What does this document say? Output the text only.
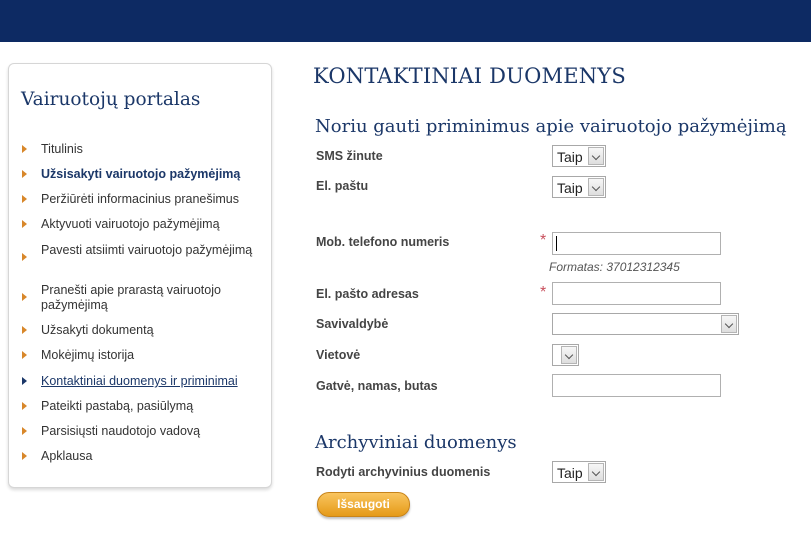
Vairuotojų portalas
Titulinis
Užsisakyti vairuotojo pažymėjimą
Peržiūrėti informacinius pranešimus
Aktyvuoti vairuotojo pažymėjimą
Pavesti atsiimti vairuotojo pažymėjimą
Pranešti apie prarastą vairuotojo pažymėjimą
Užsakyti dokumentą
Mokėjimų istorija
Kontaktiniai duomenys ir priminimai
Pateikti pastabą, pasiūlymą
Parsisiųsti naudotojo vadovą
Apklausa
KONTAKTINIAI DUOMENYS
Noriu gauti priminimus apie vairuotojo pažymėjimą
SMS žinute	Taip
El. paštu	Taip
Mob. telefono numeris	*
Formatas: 37012312345
El. pašto adresas	*
Savivaldybė
Vietovė
Gatvė, namas, butas
Archyviniai duomenys
Rodyti archyvinius duomenis	Taip
Išsaugoti
